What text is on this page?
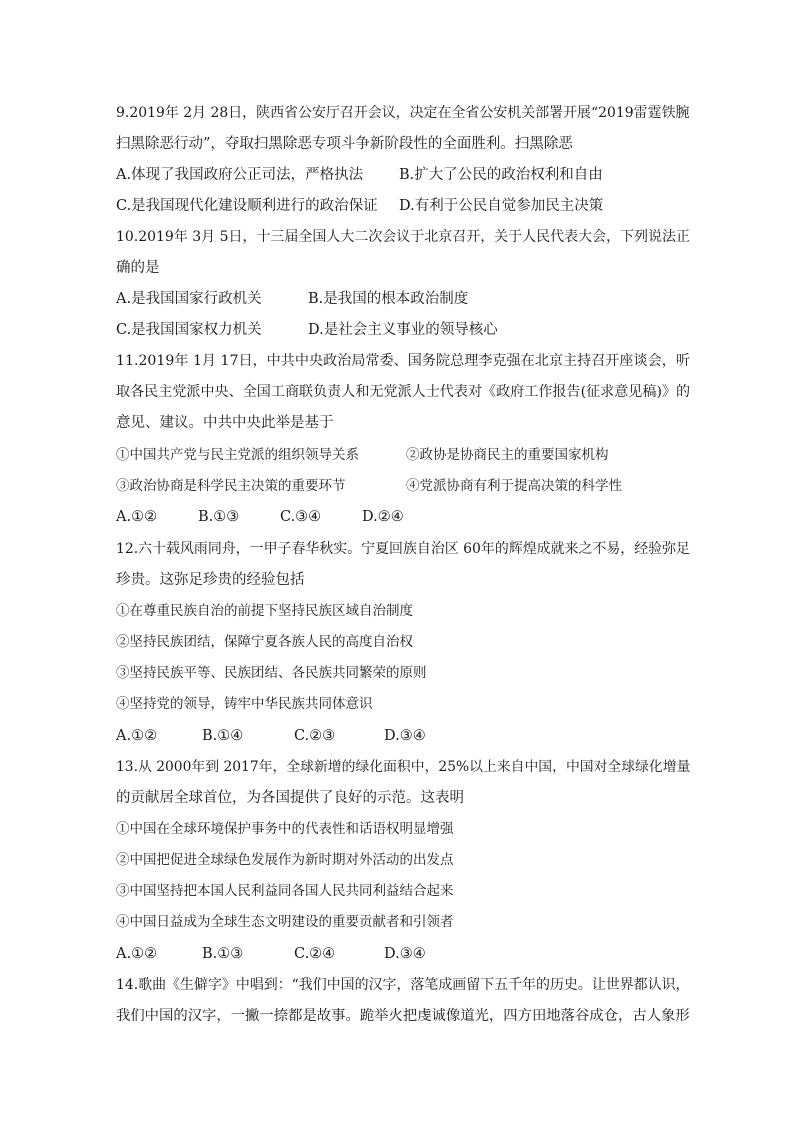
9.2019年 2月 28日，陕西省公安厅召开会议，决定在全省公安机关部署开展“2019雷霆铁腕
扫黑除恶行动”，夺取扫黑除恶专项斗争新阶段性的全面胜利。扫黑除恶
A.体现了我国政府公正司法，严格执法 B.扩大了公民的政治权利和自由
C.是我国现代化建设顺利进行的政治保证 D.有利于公民自觉参加民主决策
10.2019年 3月 5日，十三届全国人大二次会议于北京召开，关于人民代表大会，下列说法正
确的是
A.是我国国家行政机关	B.是我国的根本政治制度
C.是我国国家权力机关	D.是社会主义事业的领导核心
11.2019年 1月 17日，中共中央政治局常委、国务院总理李克强在北京主持召开座谈会，听
取各民主党派中央、全国工商联负责人和无党派人士代表对《政府工作报告(征求意见稿)》的
意见、建议。中共中央此举是基于
①中国共产党与民主党派的组织领导关系	②政协是协商民主的重要国家机构
③政治协商是科学民主决策的重要环节	④党派协商有利于提高决策的科学性
A.①②	B.①③	C.③④	D.②④
12.六十载风雨同舟，一甲子春华秋实。宁夏回族自治区 60年的辉煌成就来之不易，经验弥足
珍贵。这弥足珍贵的经验包括
①在尊重民族自治的前提下坚持民族区域自治制度
②坚持民族团结，保障宁夏各族人民的高度自治权
③坚持民族平等、民族团结、各民族共同繁荣的原则
④坚持党的领导，铸牢中华民族共同体意识
A.①②	B.①④	C.②③	D.③④
13.从 2000年到 2017年，全球新增的绿化面积中，25%以上来自中国，中国对全球绿化增量
的贡献居全球首位，为各国提供了良好的示范。这表明
①中国在全球环境保护事务中的代表性和话语权明显增强
②中国把促进全球绿色发展作为新时期对外活动的出发点
③中国坚持把本国人民利益同各国人民共同利益结合起来
④中国日益成为全球生态文明建设的重要贡献者和引领者
A.①②	B.①③	C.②④	D.③④
14.歌曲《生僻字》中唱到：“我们中国的汉字，落笔成画留下五千年的历史。让世界都认识，
我们中国的汉字，一撇一捺都是故事。跪举火把虔诚像道光，四方田地落谷成仓，古人象形
